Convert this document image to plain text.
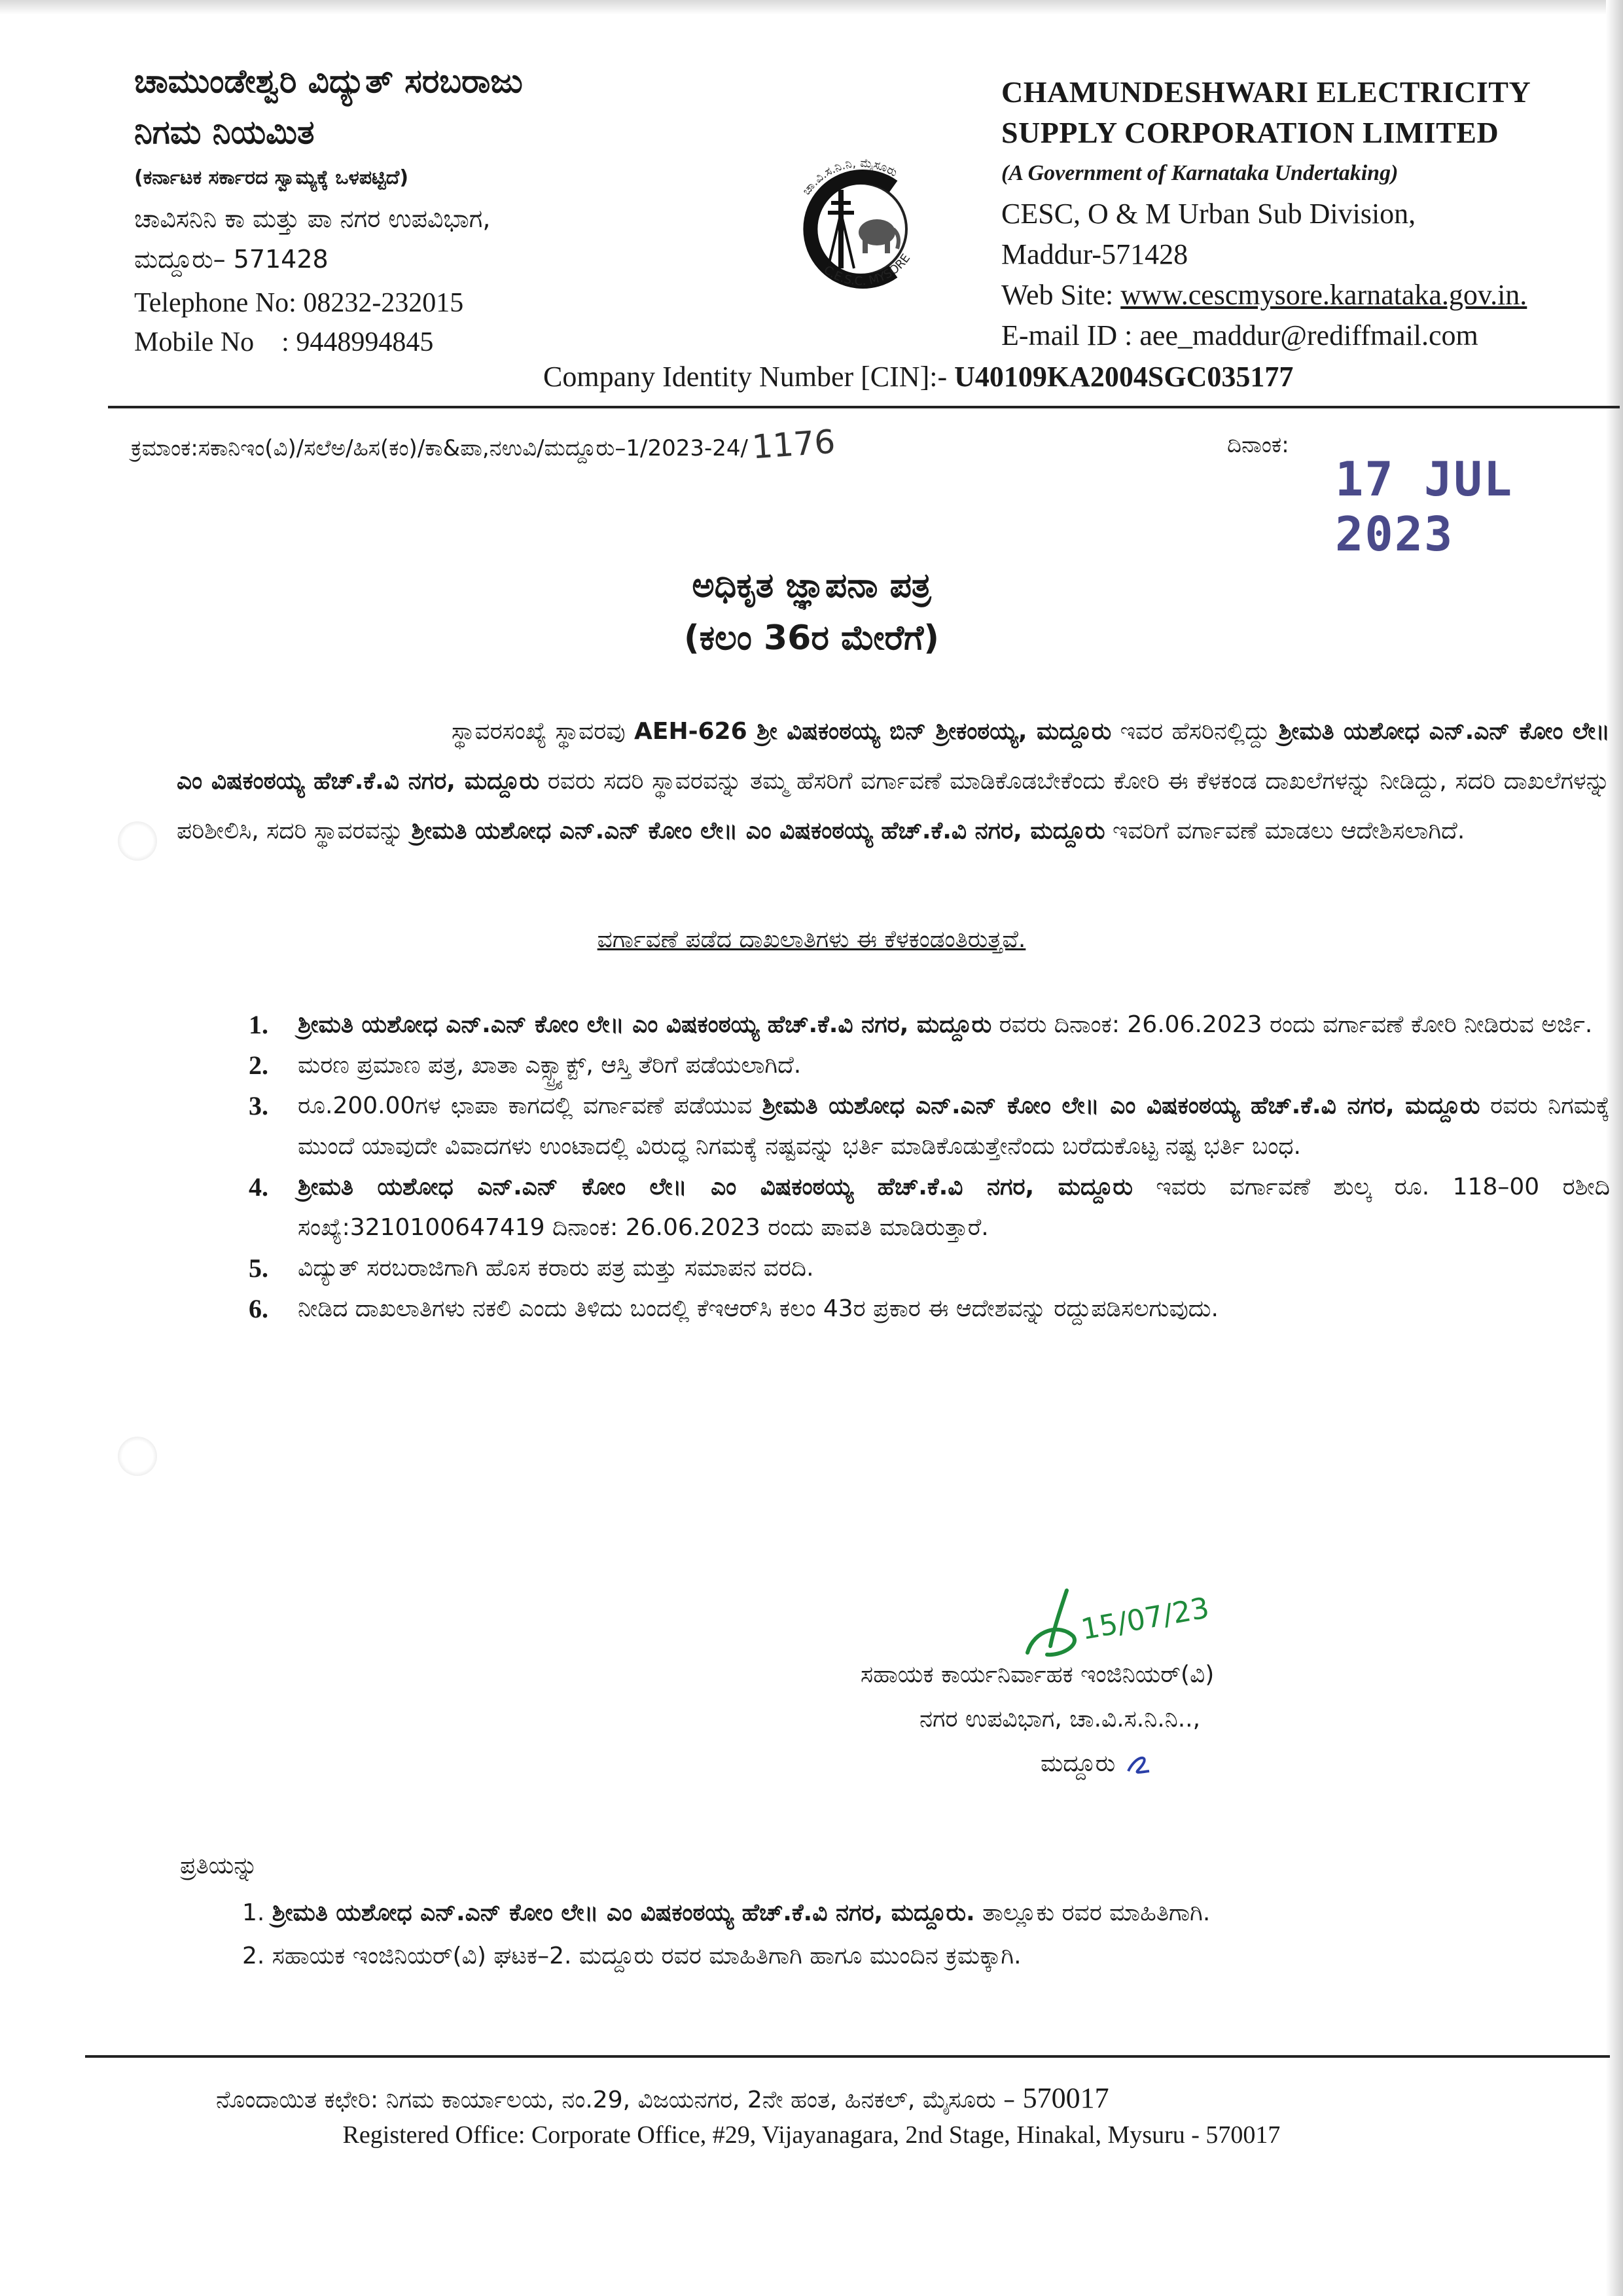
ಚಾಮುಂಡೇಶ್ವರಿ ವಿದ್ಯುತ್ ಸರಬರಾಜು
ನಿಗಮ ನಿಯಮಿತ
(ಕರ್ನಾಟಕ ಸರ್ಕಾರದ ಸ್ವಾಮ್ಯಕ್ಕೆ ಒಳಪಟ್ಟಿದೆ)
ಚಾವಿಸನಿನಿ ಕಾ ಮತ್ತು ಪಾ ನಗರ ಉಪವಿಭಾಗ,
ಮದ್ದೂರು– 571428
Telephone No: 08232-232015
Mobile No    : 9448994845
ಚಾ.ವಿ.ಸ.ನಿ.ನಿ, ಮೈಸೂರು
C.E.S.C. MYSORE
CHAMUNDESHWARI ELECTRICITY
SUPPLY CORPORATION LIMITED
(A Government of Karnataka Undertaking)
CESC, O & M Urban Sub Division,
Maddur-571428
Web Site: www.cescmysore.karnataka.gov.in.
E-mail ID : aee_maddur@rediffmail.com
Company Identity Number [CIN]:- U40109KA2004SGC035177
ಕ್ರಮಾಂಕ:ಸಕಾನಿಇಂ(ವಿ)/ಸಲೆಅ/ಹಿಸ(ಕಂ)/ಕಾ&ಪಾ,ನಉವಿ/ಮದ್ದೂರು–1/2023-24/1176	ದಿನಾಂಕ:
17 JUL 2023
ಅಧಿಕೃತ ಜ್ಞಾಪನಾ ಪತ್ರ
(ಕಲಂ 36ರ ಮೇರೆಗೆ)
ಸ್ಥಾವರಸಂಖ್ಯೆ ಸ್ಥಾವರವು AEH-626 ಶ್ರೀ ವಿಷಕಂಠಯ್ಯ ಬಿನ್ ಶ್ರೀಕಂಠಯ್ಯ, ಮದ್ದೂರು ಇವರ ಹೆಸರಿನಲ್ಲಿದ್ದು ಶ್ರೀಮತಿ ಯಶೋಧ ಎನ್.ಎನ್ ಕೋಂ ಲೇ॥ ಎಂ ವಿಷಕಂಠಯ್ಯ ಹೆಚ್.ಕೆ.ವಿ ನಗರ, ಮದ್ದೂರು ರವರು ಸದರಿ ಸ್ಥಾವರವನ್ನು ತಮ್ಮ ಹೆಸರಿಗೆ ವರ್ಗಾವಣೆ ಮಾಡಿಕೊಡಬೇಕೆಂದು ಕೋರಿ ಈ ಕೆಳಕಂಡ ದಾಖಲೆಗಳನ್ನು ನೀಡಿದ್ದು, ಸದರಿ ದಾಖಲೆಗಳನ್ನು ಪರಿಶೀಲಿಸಿ, ಸದರಿ ಸ್ಥಾವರವನ್ನು ಶ್ರೀಮತಿ ಯಶೋಧ ಎನ್.ಎನ್ ಕೋಂ ಲೇ॥ ಎಂ ವಿಷಕಂಠಯ್ಯ ಹೆಚ್.ಕೆ.ವಿ ನಗರ, ಮದ್ದೂರು ಇವರಿಗೆ ವರ್ಗಾವಣೆ ಮಾಡಲು ಆದೇಶಿಸಲಾಗಿದೆ.
ವರ್ಗಾವಣೆ ಪಡೆದ ದಾಖಲಾತಿಗಳು ಈ ಕೆಳಕಂಡಂತಿರುತ್ತವೆ.
1. ಶ್ರೀಮತಿ ಯಶೋಧ ಎನ್.ಎನ್ ಕೋಂ ಲೇ॥ ಎಂ ವಿಷಕಂಠಯ್ಯ ಹೆಚ್.ಕೆ.ವಿ ನಗರ, ಮದ್ದೂರು ರವರು ದಿನಾಂಕ: 26.06.2023 ರಂದು ವರ್ಗಾವಣೆ ಕೋರಿ ನೀಡಿರುವ ಅರ್ಜಿ.
2. ಮರಣ ಪ್ರಮಾಣ ಪತ್ರ, ಖಾತಾ ಎಕ್ಸ್ಟ್ರ್ಯಾಕ್ಟ್, ಆಸ್ತಿ ತೆರಿಗೆ ಪಡೆಯಲಾಗಿದೆ.
3. ರೂ.200.00ಗಳ ಛಾಪಾ ಕಾಗದಲ್ಲಿ ವರ್ಗಾವಣೆ ಪಡೆಯುವ ಶ್ರೀಮತಿ ಯಶೋಧ ಎನ್.ಎನ್ ಕೋಂ ಲೇ॥ ಎಂ ವಿಷಕಂಠಯ್ಯ ಹೆಚ್.ಕೆ.ವಿ ನಗರ, ಮದ್ದೂರು ರವರು ನಿಗಮಕ್ಕೆ ಮುಂದೆ ಯಾವುದೇ ವಿವಾದಗಳು ಉಂಟಾದಲ್ಲಿ ವಿರುದ್ಧ ನಿಗಮಕ್ಕೆ ನಷ್ಟವನ್ನು ಭರ್ತಿ ಮಾಡಿಕೊಡುತ್ತೇನೆಂದು ಬರೆದುಕೊಟ್ಟ ನಷ್ಟ ಭರ್ತಿ ಬಂಧ.
4. ಶ್ರೀಮತಿ ಯಶೋಧ ಎನ್.ಎನ್ ಕೋಂ ಲೇ॥ ಎಂ ವಿಷಕಂಠಯ್ಯ ಹೆಚ್.ಕೆ.ವಿ ನಗರ, ಮದ್ದೂರು ಇವರು ವರ್ಗಾವಣೆ ಶುಲ್ಕ ರೂ. 118–00 ರಶೀದಿ ಸಂಖ್ಯೆ:3210100647419 ದಿನಾಂಕ: 26.06.2023 ರಂದು ಪಾವತಿ ಮಾಡಿರುತ್ತಾರೆ.
5. ವಿದ್ಯುತ್ ಸರಬರಾಜಿಗಾಗಿ ಹೊಸ ಕರಾರು ಪತ್ರ ಮತ್ತು ಸಮಾಪನ ವರದಿ.
6. ನೀಡಿದ ದಾಖಲಾತಿಗಳು ನಕಲಿ ಎಂದು ತಿಳಿದು ಬಂದಲ್ಲಿ ಕೆಇಆರ್‌ಸಿ ಕಲಂ 43ರ ಪ್ರಕಾರ ಈ ಆದೇಶವನ್ನು ರದ್ದುಪಡಿಸಲಗುವುದು.
15/07/23
ಸಹಾಯಕ ಕಾರ್ಯನಿರ್ವಾಹಕ ಇಂಜಿನಿಯರ್(ವಿ)
ನಗರ ಉಪವಿಭಾಗ, ಚಾ.ವಿ.ಸ.ನಿ.ನಿ..,
ಮದ್ದೂರು
ಪ್ರತಿಯನ್ನು
1. ಶ್ರೀಮತಿ ಯಶೋಧ ಎನ್.ಎನ್ ಕೋಂ ಲೇ॥ ಎಂ ವಿಷಕಂಠಯ್ಯ ಹೆಚ್.ಕೆ.ವಿ ನಗರ, ಮದ್ದೂರು. ತಾಲ್ಲೂಕು ರವರ ಮಾಹಿತಿಗಾಗಿ.
2. ಸಹಾಯಕ ಇಂಜಿನಿಯರ್(ವಿ) ಘಟಕ–2. ಮದ್ದೂರು ರವರ ಮಾಹಿತಿಗಾಗಿ ಹಾಗೂ ಮುಂದಿನ ಕ್ರಮಕ್ಕಾಗಿ.
ನೊಂದಾಯಿತ ಕಛೇರಿ: ನಿಗಮ ಕಾರ್ಯಾಲಯ, ನಂ.29, ವಿಜಯನಗರ, 2ನೇ ಹಂತ, ಹಿನಕಲ್, ಮೈಸೂರು – 570017
Registered Office: Corporate Office, #29, Vijayanagara, 2nd Stage, Hinakal, Mysuru - 570017
